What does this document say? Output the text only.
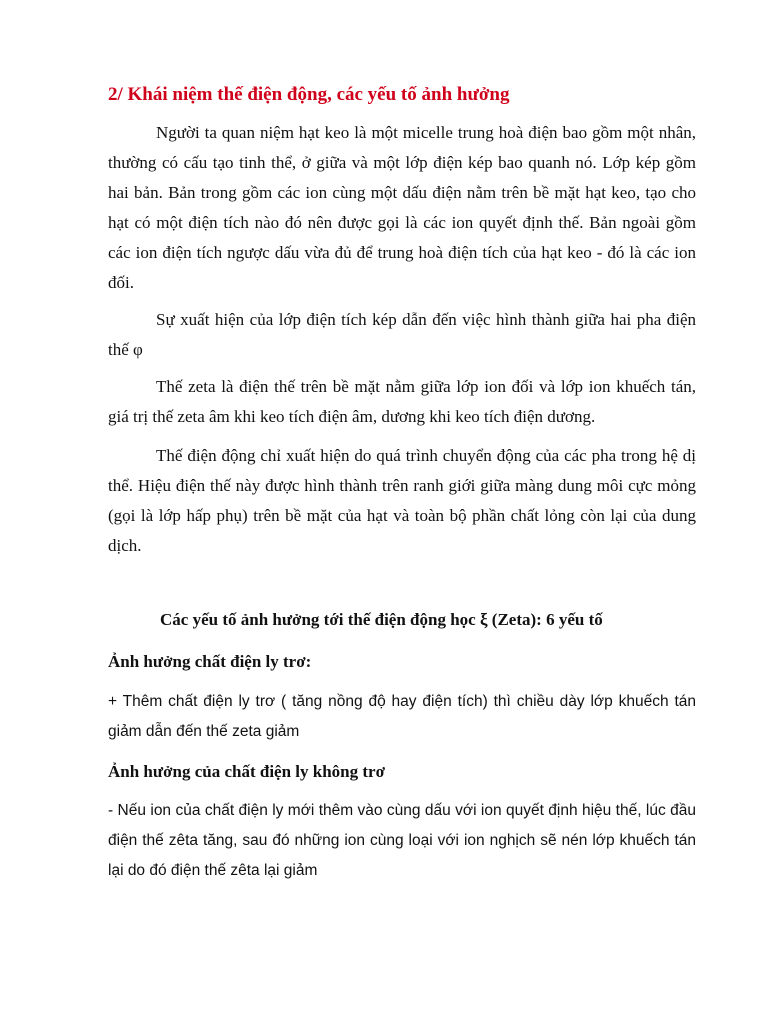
2/ Khái niệm thế điện động, các yếu tố ảnh hưởng

Người ta quan niệm hạt keo là một micelle trung hoà điện bao gồm một nhân, thường có cấu tạo tinh thể, ở giữa và một lớp điện kép bao quanh nó. Lớp kép gồm hai bản. Bản trong gồm các ion cùng một dấu điện nằm trên bề mặt hạt keo, tạo cho hạt có một điện tích nào đó nên được gọi là các ion quyết định thế. Bản ngoài gồm các ion điện tích ngược dấu vừa đủ để trung hoà điện tích của hạt keo - đó là các ion đối.

Sự xuất hiện của lớp điện tích kép dẫn đến việc hình thành giữa hai pha điện thế φ

Thế zeta là điện thế trên bề mặt nằm giữa lớp ion đối và lớp ion khuếch tán, giá trị thế zeta âm khi keo tích điện âm, dương khi keo tích điện dương.

Thế điện động chỉ xuất hiện do quá trình chuyển động của các pha trong hệ dị thể. Hiệu điện thế này được hình thành trên ranh giới giữa màng dung môi cực mỏng (gọi là lớp hấp phụ) trên bề mặt của hạt và toàn bộ phần chất lỏng còn lại của dung dịch.

Các yếu tố ảnh hưởng tới thế điện động học ξ (Zeta): 6 yếu tố
Ảnh hưởng chất điện ly trơ:

+ Thêm chất điện ly trơ ( tăng nồng độ hay điện tích) thì chiều dày lớp khuếch tán giảm dẫn đến thế zeta giảm

Ảnh hưởng của chất điện ly không trơ

- Nếu ion của chất điện ly mới thêm vào cùng dấu với ion quyết định hiệu thế, lúc đầu điện thế zêta tăng, sau đó những ion cùng loại với ion nghịch sẽ nén lớp khuếch tán lại do đó điện thế zêta lại giảm
